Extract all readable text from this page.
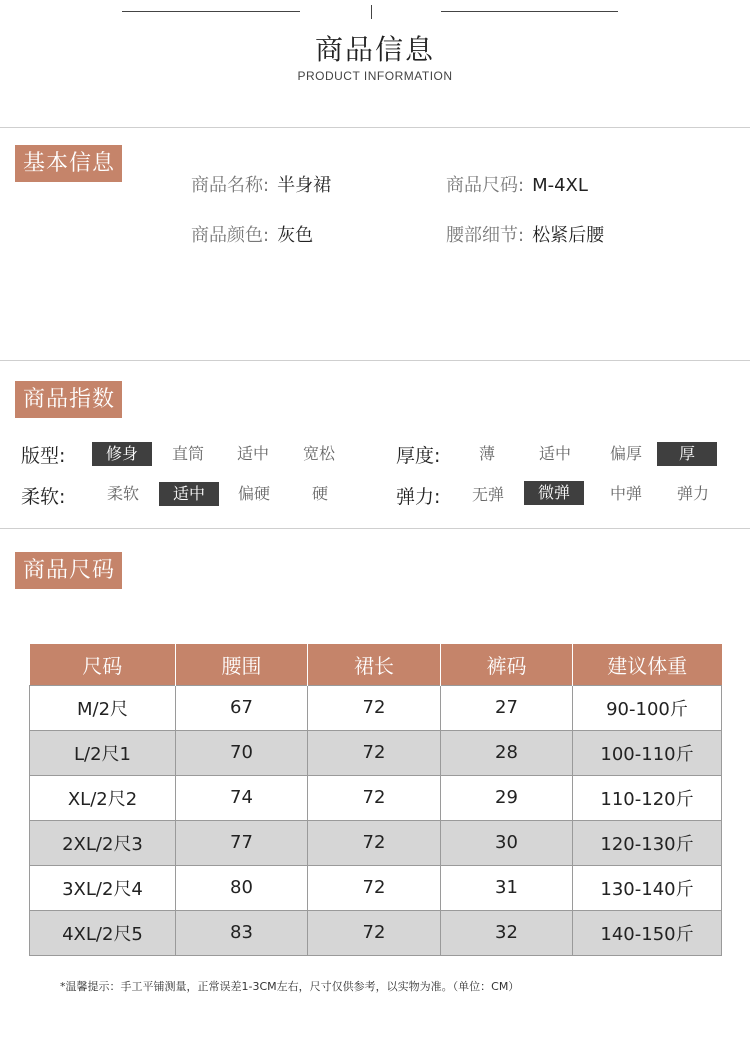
商品信息
PRODUCT INFORMATION
基本信息
商品名称: 半身裙	商品尺码: M-4XL
商品颜色: 灰色	腰部细节: 松紧后腰
商品指数
版型:	修身	直筒	适中	宽松	厚度:	薄	适中	偏厚	厚
柔软:	柔软	适中	偏硬	硬	弹力:	无弹	微弹	中弹	弹力
商品尺码
尺码	腰围	裙长	裤码	建议体重
M/2尺	67	72	27	90-100斤
L/2尺1	70	72	28	100-110斤
XL/2尺2	74	72	29	110-120斤
2XL/2尺3	77	72	30	120-130斤
3XL/2尺4	80	72	31	130-140斤
4XL/2尺5	83	72	32	140-150斤
*温馨提示：手工平铺测量，正常误差1-3CM左右，尺寸仅供参考，以实物为准。（单位：CM）
